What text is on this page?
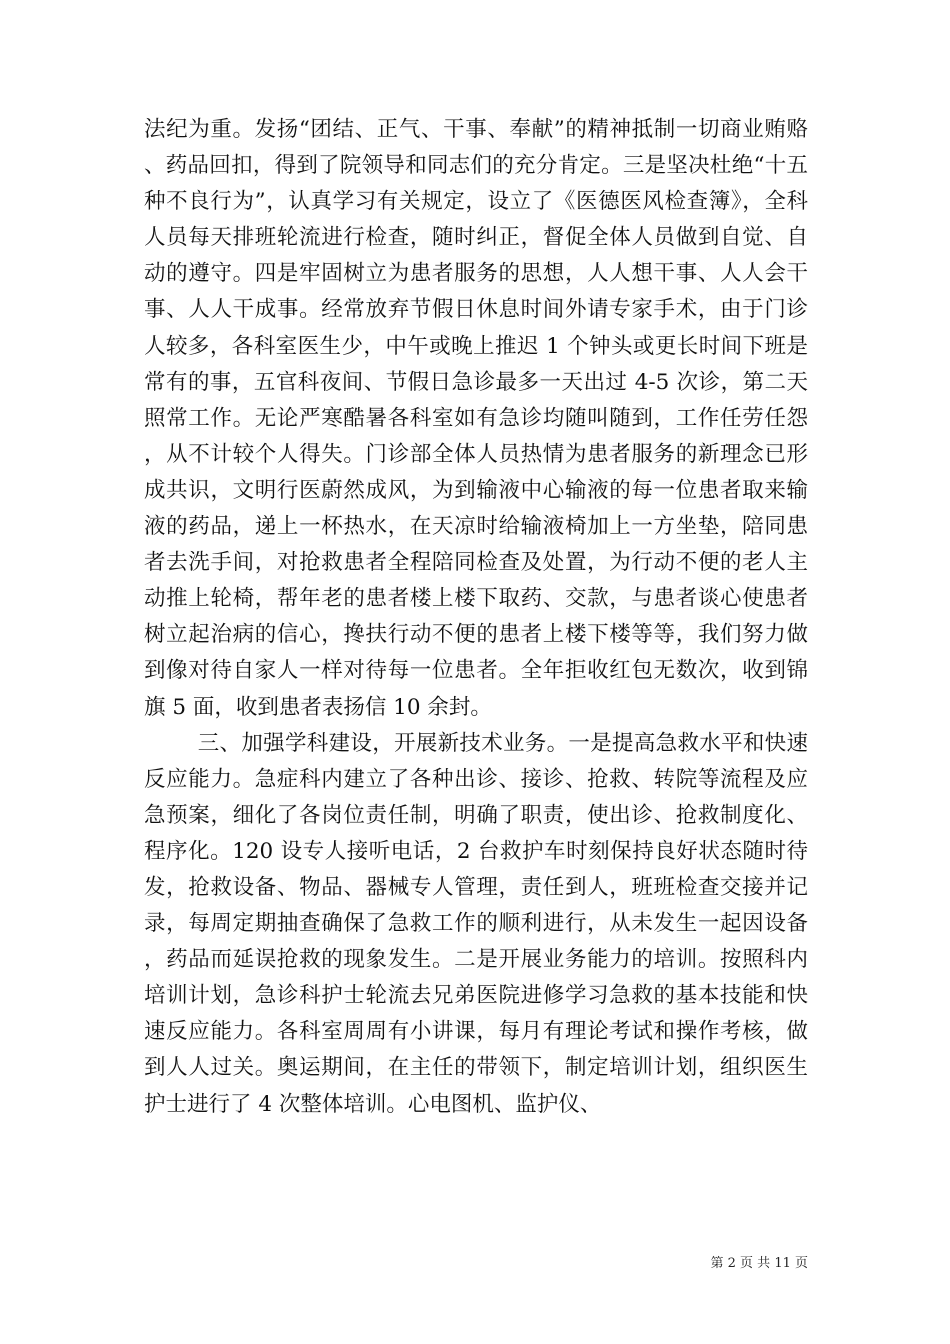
法纪为重。发扬“团结、正气、干事、奉献”的精神抵制一切商业贿赂、药品回扣，得到了院领导和同志们的充分肯定。三是坚决杜绝“十五种不良行为”，认真学习有关规定，设立了《医德医风检查簿》，全科人员每天排班轮流进行检查，随时纠正，督促全体人员做到自觉、自动的遵守。四是牢固树立为患者服务的思想，人人想干事、人人会干事、人人干成事。经常放弃节假日休息时间外请专家手术，由于门诊人较多，各科室医生少，中午或晚上推迟 1 个钟头或更长时间下班是常有的事，五官科夜间、节假日急诊最多一天出过 4-5 次诊，第二天照常工作。无论严寒酷暑各科室如有急诊均随叫随到，工作任劳任怨，从不计较个人得失。门诊部全体人员热情为患者服务的新理念已形成共识，文明行医蔚然成风，为到输液中心输液的每一位患者取来输液的药品，递上一杯热水，在天凉时给输液椅加上一方坐垫，陪同患者去洗手间，对抢救患者全程陪同检查及处置，为行动不便的老人主动推上轮椅，帮年老的患者楼上楼下取药、交款，与患者谈心使患者树立起治病的信心，搀扶行动不便的患者上楼下楼等等，我们努力做到像对待自家人一样对待每一位患者。全年拒收红包无数次，收到锦旗 5 面，收到患者表扬信 10 余封。

三、加强学科建设，开展新技术业务。一是提高急救水平和快速反应能力。急症科内建立了各种出诊、接诊、抢救、转院等流程及应急预案，细化了各岗位责任制，明确了职责，使出诊、抢救制度化、程序化。120 设专人接听电话，2 台救护车时刻保持良好状态随时待发，抢救设备、物品、器械专人管理，责任到人，班班检查交接并记录，每周定期抽查确保了急救工作的顺利进行，从未发生一起因设备，药品而延误抢救的现象发生。二是开展业务能力的培训。按照科内培训计划，急诊科护士轮流去兄弟医院进修学习急救的基本技能和快速反应能力。各科室周周有小讲课，每月有理论考试和操作考核，做到人人过关。奥运期间，在主任的带领下，制定培训计划，组织医生护士进行了 4 次整体培训。心电图机、监护仪、

第 2 页 共 11 页
